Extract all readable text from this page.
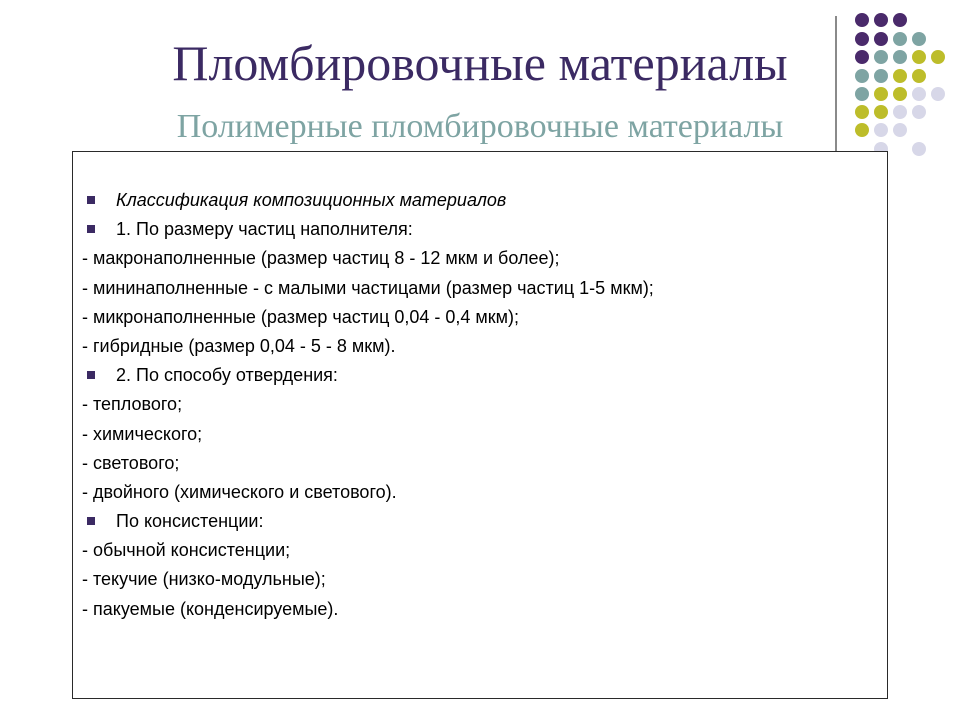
Пломбировочные материалы
Полимерные пломбировочные материалы
Классификация композиционных материалов
1. По размеру частиц наполнителя:
- макронаполненные (размер частиц 8 - 12 мкм и более);
- мининаполненные - с малыми частицами (размер частиц 1-5 мкм);
- микронаполненные (размер частиц 0,04 - 0,4 мкм);
- гибридные (размер 0,04 - 5 - 8 мкм).
2. По способу отвердения:
- теплового;
- химического;
- светового;
- двойного (химического и светового).
По консистенции:
- обычной консистенции;
- текучие (низко-модульные);
- пакуемые (конденсируемые).
